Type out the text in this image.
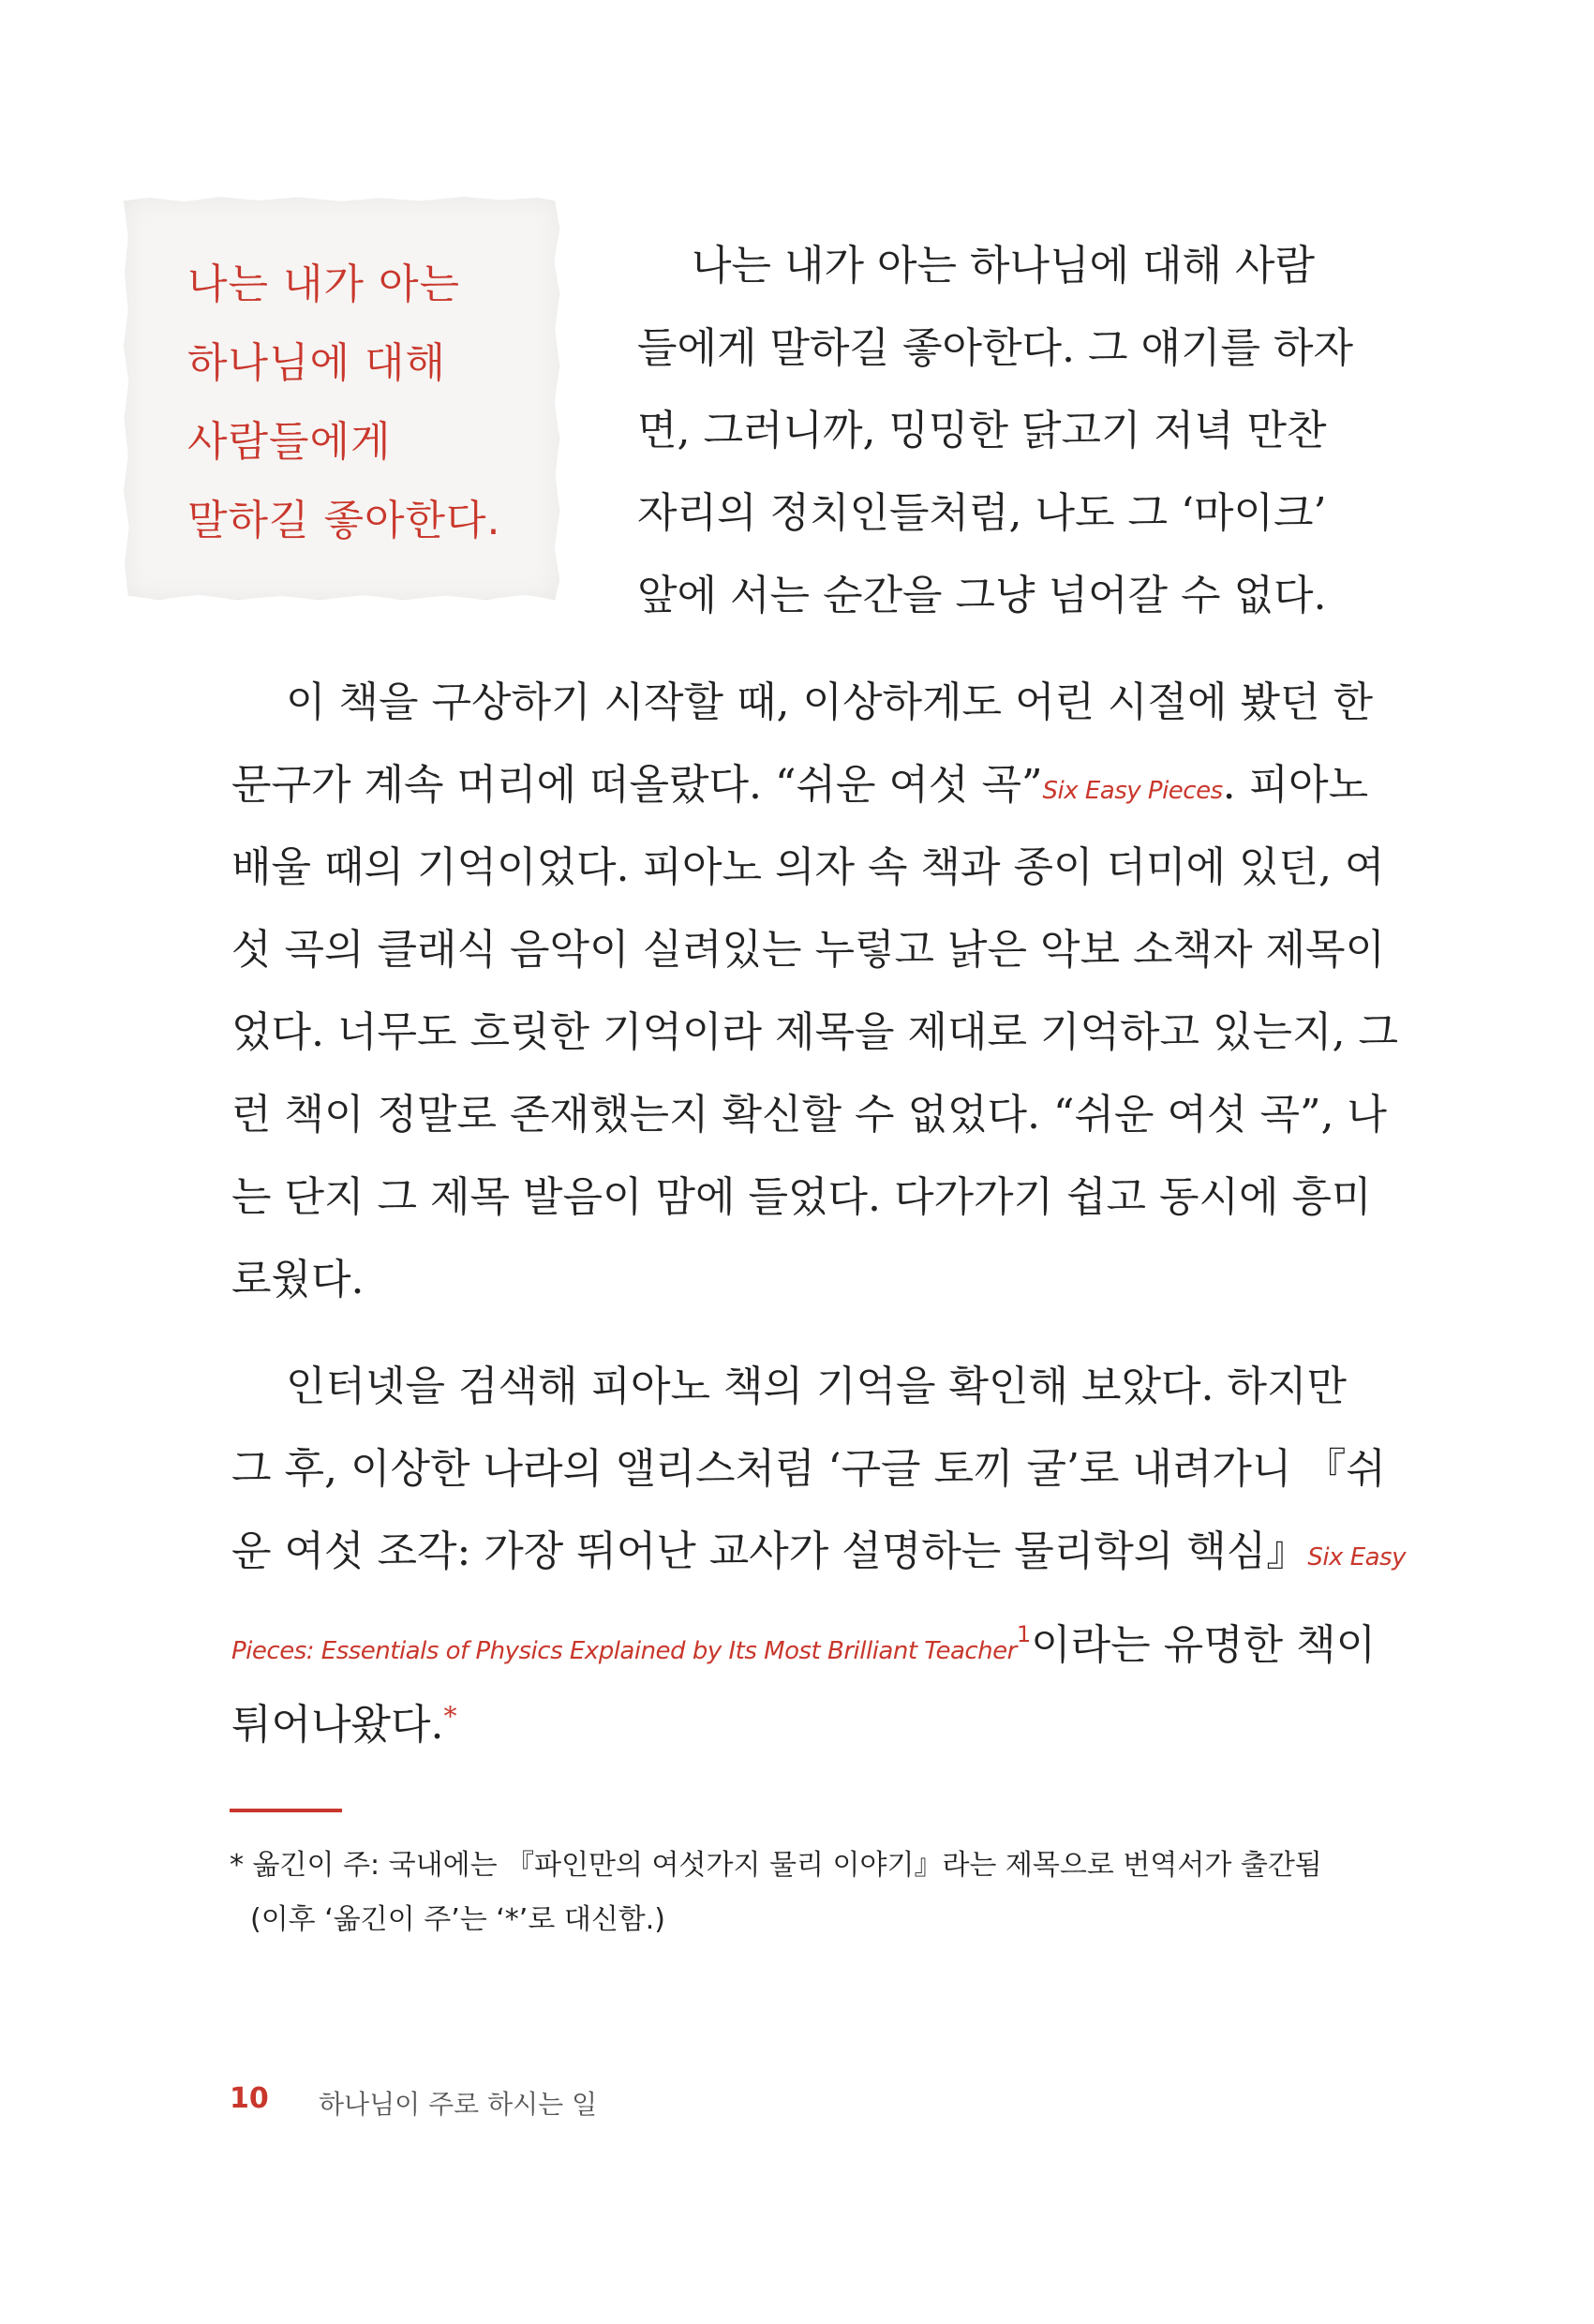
나는 내가 아는
하나님에 대해
사람들에게
말하길 좋아한다.
나는 내가 아는 하나님에 대해 사람
들에게 말하길 좋아한다. 그 얘기를 하자
면, 그러니까, 밍밍한 닭고기 저녁 만찬
자리의 정치인들처럼, 나도 그 ‘마이크’
앞에 서는 순간을 그냥 넘어갈 수 없다.
이 책을 구상하기 시작할 때, 이상하게도 어린 시절에 봤던 한
문구가 계속 머리에 떠올랐다. “쉬운 여섯 곡”Six Easy Pieces. 피아노
배울 때의 기억이었다. 피아노 의자 속 책과 종이 더미에 있던, 여
섯 곡의 클래식 음악이 실려있는 누렇고 낡은 악보 소책자 제목이
었다. 너무도 흐릿한 기억이라 제목을 제대로 기억하고 있는지, 그
런 책이 정말로 존재했는지 확신할 수 없었다. “쉬운 여섯 곡”, 나
는 단지 그 제목 발음이 맘에 들었다. 다가가기 쉽고 동시에 흥미
로웠다.
인터넷을 검색해 피아노 책의 기억을 확인해 보았다. 하지만
그 후, 이상한 나라의 앨리스처럼 ‘구글 토끼 굴’로 내려가니 『쉬
운 여섯 조각: 가장 뛰어난 교사가 설명하는 물리학의 핵심』Six Easy
Pieces: Essentials of Physics Explained by Its Most Brilliant Teacher$^1$이라는 유명한 책이
튀어나왔다.*
* 옮긴이 주: 국내에는 『파인만의 여섯가지 물리 이야기』라는 제목으로 번역서가 출간됨
(이후 ‘옮긴이 주’는 ‘*’로 대신함.)
10 하나님이 주로 하시는 일
